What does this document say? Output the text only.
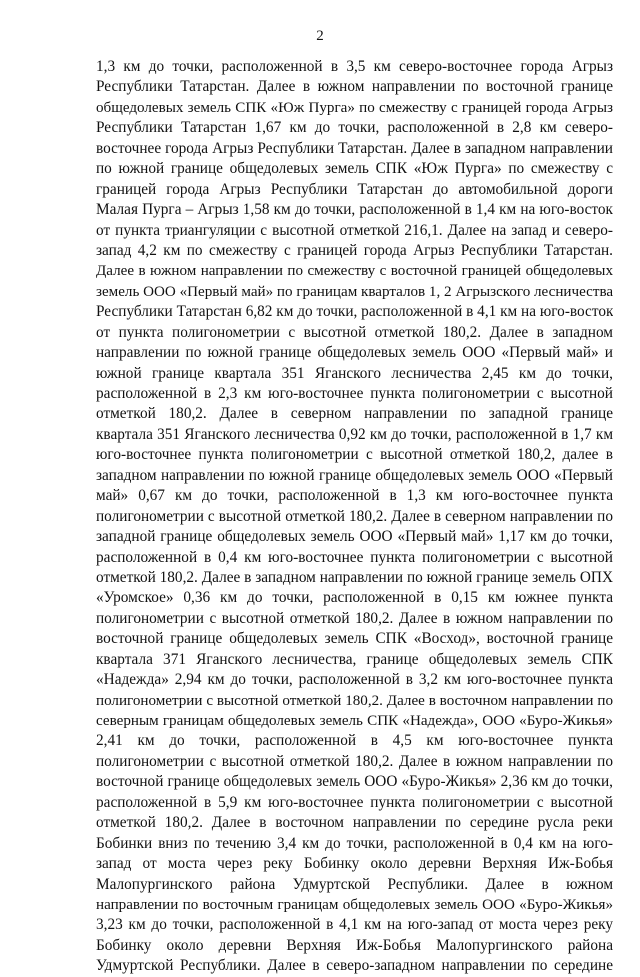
2
1,3 км до точки, расположенной в 3,5 км северо-восточнее города Агрыз
Республики Татарстан. Далее в южном направлении по восточной границе
общедолевых земель СПК «Юж Пурга» по смежеству с границей города Агрыз
Республики Татарстан 1,67 км до точки, расположенной в 2,8 км северо-
восточнее города Агрыз Республики Татарстан. Далее в западном направлении
по южной границе общедолевых земель СПК «Юж Пурга» по смежеству с
границей города Агрыз Республики Татарстан до автомобильной дороги
Малая Пурга – Агрыз 1,58 км до точки, расположенной в 1,4 км на юго-восток
от пункта триангуляции с высотной отметкой 216,1. Далее на запад и северо-
запад 4,2 км по смежеству с границей города Агрыз Республики Татарстан.
Далее в южном направлении по смежеству с восточной границей общедолевых
земель ООО «Первый май» по границам кварталов 1, 2 Агрызского лесничества
Республики Татарстан 6,82 км до точки, расположенной в 4,1 км на юго-восток
от пункта полигонометрии с высотной отметкой 180,2. Далее в западном
направлении по южной границе общедолевых земель ООО «Первый май» и
южной границе квартала 351 Яганского лесничества 2,45 км до точки,
расположенной в 2,3 км юго-восточнее пункта полигонометрии с высотной
отметкой 180,2. Далее в северном направлении по западной границе
квартала 351 Яганского лесничества 0,92 км до точки, расположенной в 1,7 км
юго-восточнее пункта полигонометрии с высотной отметкой 180,2, далее в
западном направлении по южной границе общедолевых земель ООО «Первый
май» 0,67 км до точки, расположенной в 1,3 км юго-восточнее пункта
полигонометрии с высотной отметкой 180,2. Далее в северном направлении по
западной границе общедолевых земель ООО «Первый май» 1,17 км до точки,
расположенной в 0,4 км юго-восточнее пункта полигонометрии с высотной
отметкой 180,2. Далее в западном направлении по южной границе земель ОПХ
«Уромское» 0,36 км до точки, расположенной в 0,15 км южнее пункта
полигонометрии с высотной отметкой 180,2. Далее в южном направлении по
восточной границе общедолевых земель СПК «Восход», восточной границе
квартала 371 Яганского лесничества, границе общедолевых земель СПК
«Надежда» 2,94 км до точки, расположенной в 3,2 км юго-восточнее пункта
полигонометрии с высотной отметкой 180,2. Далее в восточном направлении по
северным границам общедолевых земель СПК «Надежда», ООО «Буро-Жикья»
2,41 км до точки, расположенной в 4,5 км юго-восточнее пункта
полигонометрии с высотной отметкой 180,2. Далее в южном направлении по
восточной границе общедолевых земель ООО «Буро-Жикья» 2,36 км до точки,
расположенной в 5,9 км юго-восточнее пункта полигонометрии с высотной
отметкой 180,2. Далее в восточном направлении по середине русла реки
Бобинки вниз по течению 3,4 км до точки, расположенной в 0,4 км на юго-
запад от моста через реку Бобинку около деревни Верхняя Иж-Бобья
Малопургинского района Удмуртской Республики. Далее в южном
направлении по восточным границам общедолевых земель ООО «Буро-Жикья»
3,23 км до точки, расположенной в 4,1 км на юго-запад от моста через реку
Бобинку около деревни Верхняя Иж-Бобья Малопургинского района
Удмуртской Республики. Далее в северо-западном направлении по середине
